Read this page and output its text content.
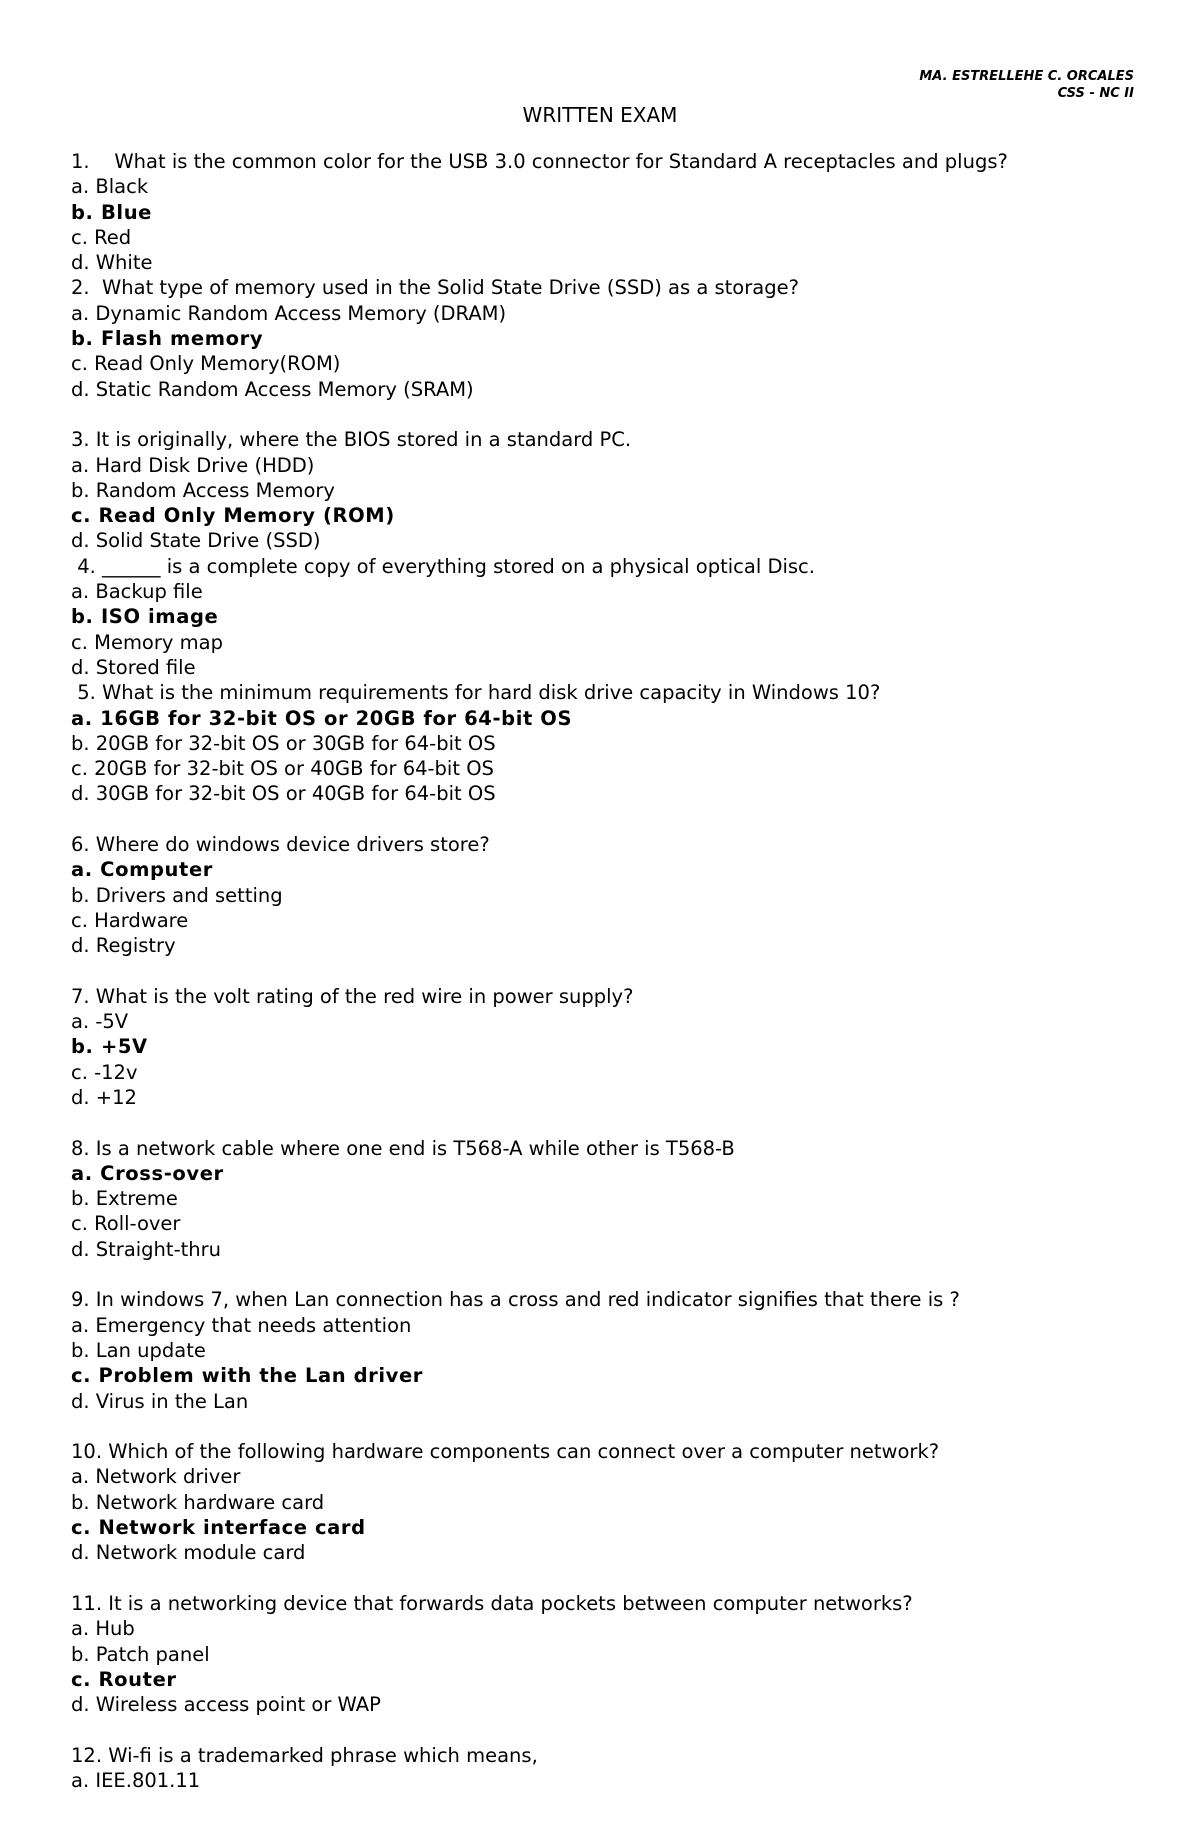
MA. ESTRELLEHE C. ORCALES
CSS - NC II
WRITTEN EXAM
1.    What is the common color for the USB 3.0 connector for Standard A receptacles and plugs?
a. Black
b. Blue
c. Red
d. White
2.  What type of memory used in the Solid State Drive (SSD) as a storage?
a. Dynamic Random Access Memory (DRAM)
b. Flash memory
c. Read Only Memory(ROM)
d. Static Random Access Memory (SRAM)
3. It is originally, where the BIOS stored in a standard PC.
a. Hard Disk Drive (HDD)
b. Random Access Memory
c. Read Only Memory (ROM)
d. Solid State Drive (SSD)
4. ______ is a complete copy of everything stored on a physical optical Disc.
a. Backup file
b. ISO image
c. Memory map
d. Stored file
5. What is the minimum requirements for hard disk drive capacity in Windows 10?
a. 16GB for 32-bit OS or 20GB for 64-bit OS
b. 20GB for 32-bit OS or 30GB for 64-bit OS
c. 20GB for 32-bit OS or 40GB for 64-bit OS
d. 30GB for 32-bit OS or 40GB for 64-bit OS
6. Where do windows device drivers store?
a. Computer
b. Drivers and setting
c. Hardware
d. Registry
7. What is the volt rating of the red wire in power supply?
a. -5V
b. +5V
c. -12v
d. +12
8. Is a network cable where one end is T568-A while other is T568-B
a. Cross-over
b. Extreme
c. Roll-over
d. Straight-thru
9. In windows 7, when Lan connection has a cross and red indicator signifies that there is ?
a. Emergency that needs attention
b. Lan update
c. Problem with the Lan driver
d. Virus in the Lan
10. Which of the following hardware components can connect over a computer network?
a. Network driver
b. Network hardware card
c. Network interface card
d. Network module card
11. It is a networking device that forwards data pockets between computer networks?
a. Hub
b. Patch panel
c. Router
d. Wireless access point or WAP
12. Wi-fi is a trademarked phrase which means,
a. IEE.801.11
